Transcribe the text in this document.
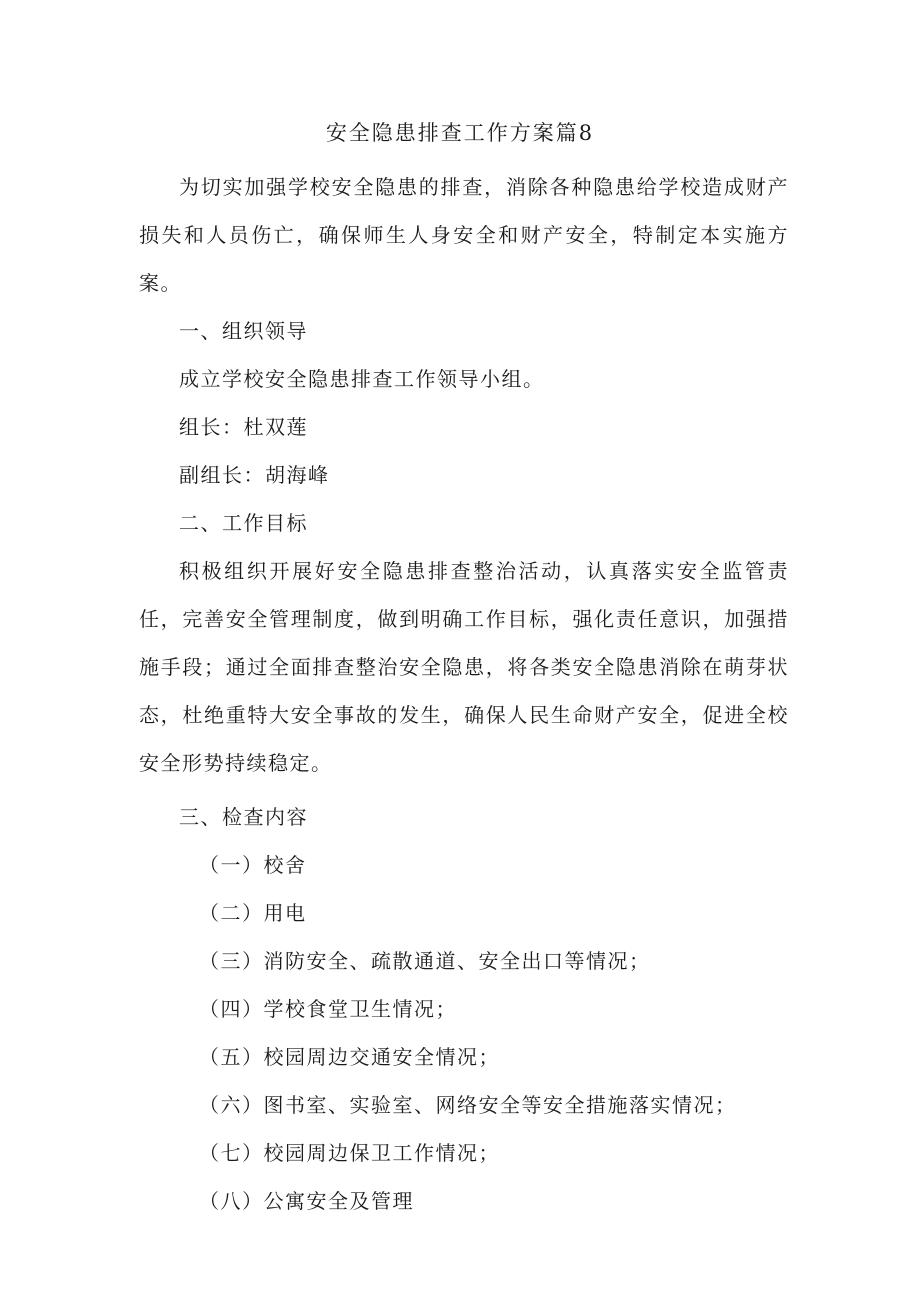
安全隐患排查工作方案篇8

为切实加强学校安全隐患的排查，消除各种隐患给学校造成财产损失和人员伤亡，确保师生人身安全和财产安全，特制定本实施方案。

一、组织领导

成立学校安全隐患排查工作领导小组。

组长：杜双莲

副组长：胡海峰

二、工作目标

积极组织开展好安全隐患排查整治活动，认真落实安全监管责任，完善安全管理制度，做到明确工作目标，强化责任意识，加强措施手段；通过全面排查整治安全隐患，将各类安全隐患消除在萌芽状态，杜绝重特大安全事故的发生，确保人民生命财产安全，促进全校安全形势持续稳定。

三、检查内容

（一）校舍

（二）用电

（三）消防安全、疏散通道、安全出口等情况；

（四）学校食堂卫生情况；

（五）校园周边交通安全情况；

（六）图书室、实验室、网络安全等安全措施落实情况；

（七）校园周边保卫工作情况；

（八）公寓安全及管理
